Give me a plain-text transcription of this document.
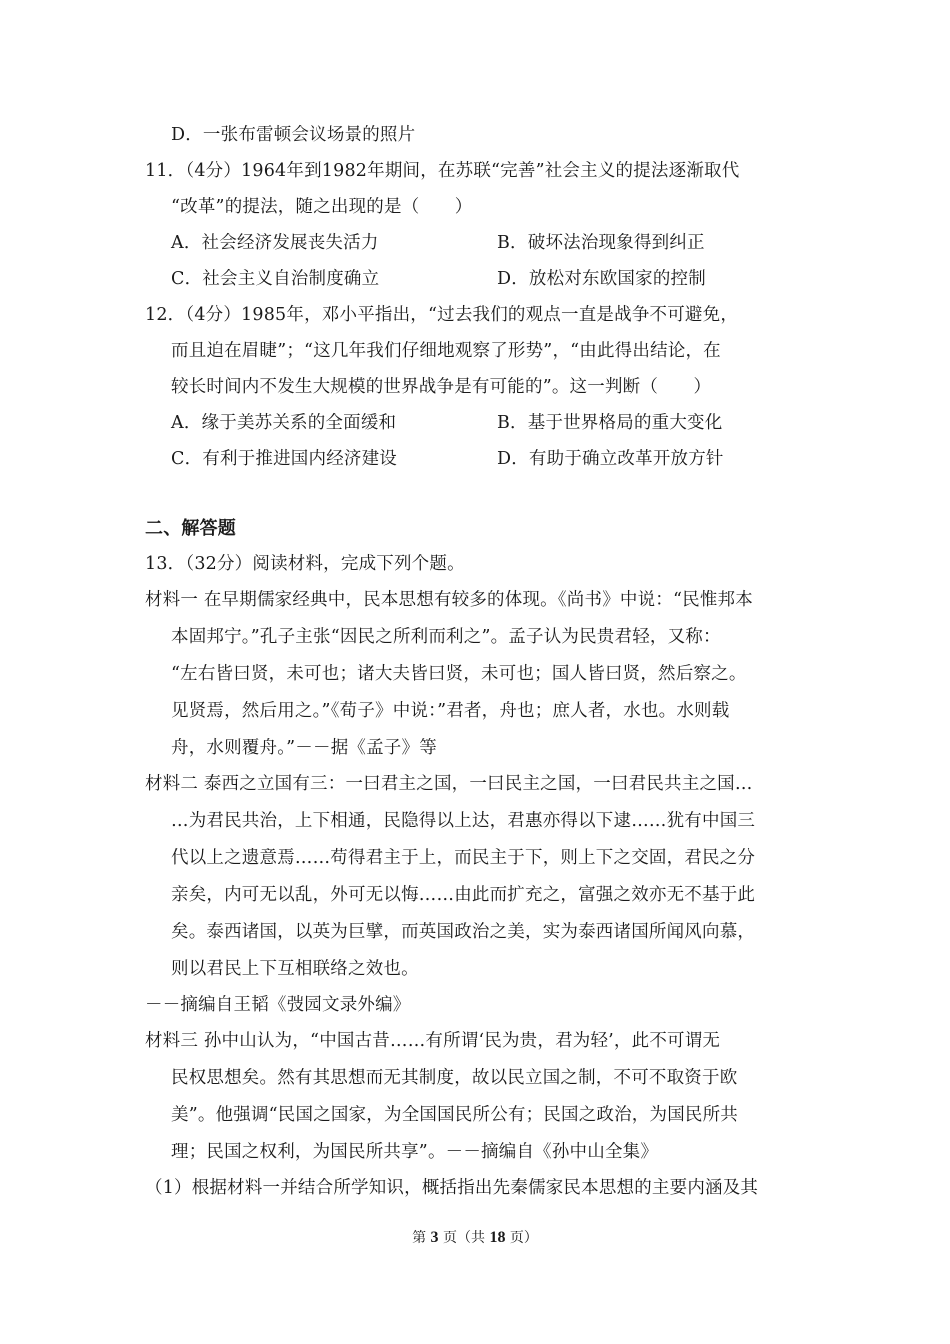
D．一张布雷顿会议场景的照片
11．（4分）1964年到1982年期间，在苏联“完善”社会主义的提法逐渐取代
“改革”的提法，随之出现的是（　　）
A．社会经济发展丧失活力	B．破坏法治现象得到纠正
C．社会主义自治制度确立	D．放松对东欧国家的控制
12．（4分）1985年，邓小平指出，“过去我们的观点一直是战争不可避免，
而且迫在眉睫”；“这几年我们仔细地观察了形势”，“由此得出结论，在
较长时间内不发生大规模的世界战争是有可能的”。这一判断（　　）
A．缘于美苏关系的全面缓和	B．基于世界格局的重大变化
C．有利于推进国内经济建设	D．有助于确立改革开放方针
二、解答题
13．（32分）阅读材料，完成下列个题。
材料一 在早期儒家经典中，民本思想有较多的体现。《尚书》中说：“民惟邦本
本固邦宁。”孔子主张“因民之所利而利之”。孟子认为民贵君轻，又称：
“左右皆曰贤，未可也；诸大夫皆曰贤，未可也；国人皆曰贤，然后察之。
见贤焉，然后用之。”《荀子》中说：”君者，舟也；庶人者，水也。水则载
舟，水则覆舟。”－－据《孟子》等
材料二 泰西之立国有三：一曰君主之国，一曰民主之国，一曰君民共主之国…
…为君民共治，上下相通，民隐得以上达，君惠亦得以下逮……犹有中国三
代以上之遗意焉……苟得君主于上，而民主于下，则上下之交固，君民之分
亲矣，内可无以乱，外可无以悔……由此而扩充之，富强之效亦无不基于此
矣。泰西诸国，以英为巨擘，而英国政治之美，实为泰西诸国所闻风向慕，
则以君民上下互相联络之效也。
－－摘编自王韬《弢园文录外编》
材料三 孙中山认为，“中国古昔……有所谓‘民为贵，君为轻’，此不可谓无
民权思想矣。然有其思想而无其制度，故以民立国之制，不可不取资于欧
美”。他强调“民国之国家，为全国国民所公有；民国之政治，为国民所共
理；民国之权利，为国民所共享”。－－摘编自《孙中山全集》
（1）根据材料一并结合所学知识，概括指出先秦儒家民本思想的主要内涵及其
第 3 页（共 18 页）
